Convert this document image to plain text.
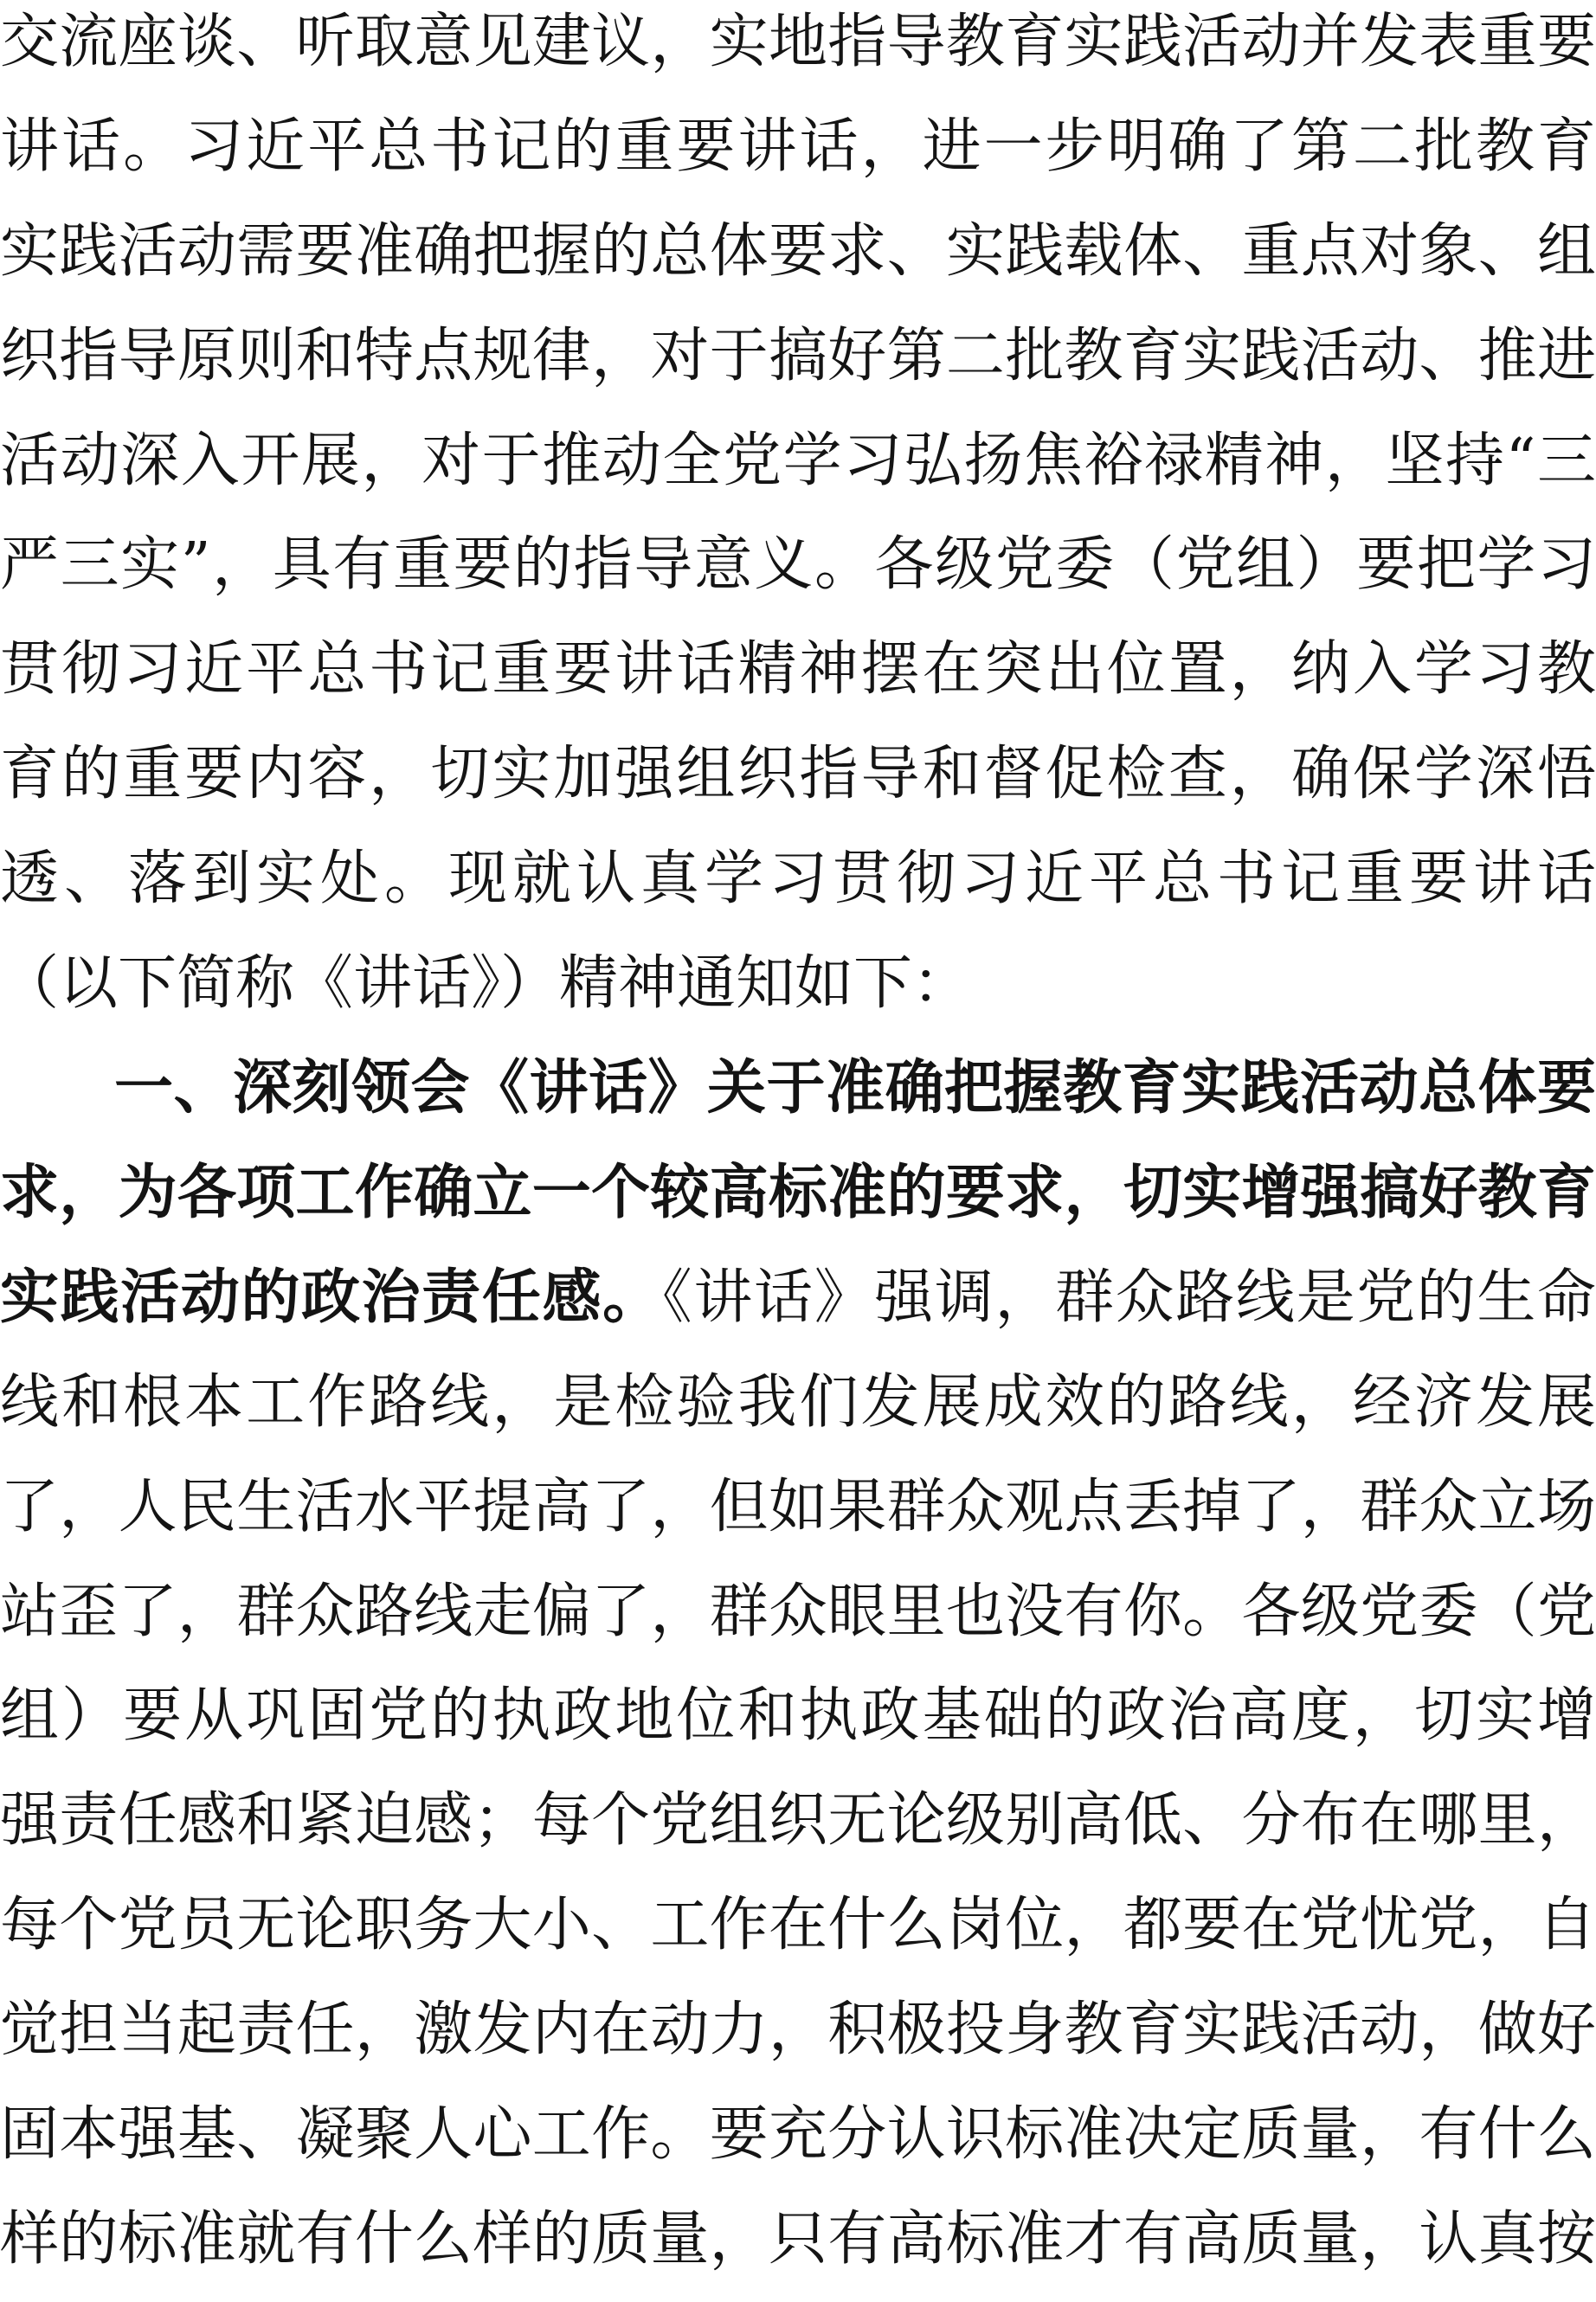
交流座谈、听取意见建议，实地指导教育实践活动并发表重要

讲话。习近平总书记的重要讲话，进一步明确了第二批教育

实践活动需要准确把握的总体要求、实践载体、重点对象、组

织指导原则和特点规律，对于搞好第二批教育实践活动、推进

活动深入开展，对于推动全党学习弘扬焦裕禄精神，坚持“三

严三实”，具有重要的指导意义。各级党委（党组）要把学习

贯彻习近平总书记重要讲话精神摆在突出位置，纳入学习教

育的重要内容，切实加强组织指导和督促检查，确保学深悟

透、落到实处。现就认真学习贯彻习近平总书记重要讲话

（以下简称《讲话》）精神通知如下：

一、深刻领会《讲话》关于准确把握教育实践活动总体要

求，为各项工作确立一个较高标准的要求，切实增强搞好教育

实践活动的政治责任感。《讲话》强调，群众路线是党的生命

线和根本工作路线，是检验我们发展成效的路线，经济发展

了，人民生活水平提高了，但如果群众观点丢掉了，群众立场

站歪了，群众路线走偏了，群众眼里也没有你。各级党委（党

组）要从巩固党的执政地位和执政基础的政治高度，切实增

强责任感和紧迫感；每个党组织无论级别高低、分布在哪里，

每个党员无论职务大小、工作在什么岗位，都要在党忧党，自

觉担当起责任，激发内在动力，积极投身教育实践活动，做好

固本强基、凝聚人心工作。要充分认识标准决定质量，有什么

样的标准就有什么样的质量，只有高标准才有高质量，认真按
